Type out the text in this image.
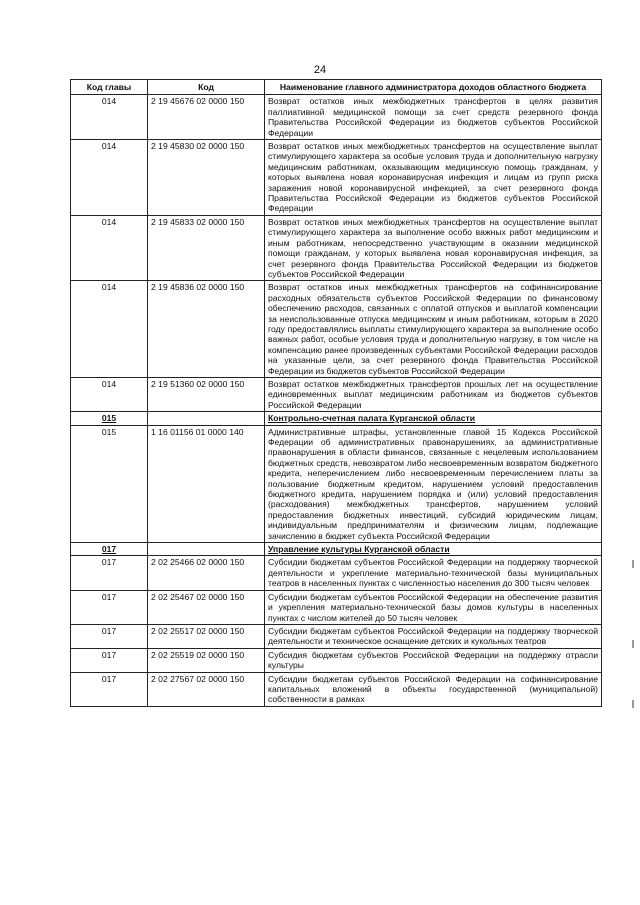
24
Код главы	Код	Наименование главного администратора доходов областного бюджета
014	2 19 45676 02 0000 150	Возврат остатков иных межбюджетных трансфертов в целях развития паллиативной медицинской помощи за счет средств резервного фонда Правительства Российской Федерации из бюджетов субъектов Российской Федерации
014	2 19 45830 02 0000 150	Возврат остатков иных межбюджетных трансфертов на осуществление выплат стимулирующего характера за особые условия труда и дополнительную нагрузку медицинским работникам, оказывающим медицинскую помощь гражданам, у которых выявлена новая коронавирусная инфекция и лицам из групп риска заражения новой коронавирусной инфекцией, за счет резервного фонда Правительства Российской Федерации из бюджетов субъектов Российской Федерации
014	2 19 45833 02 0000 150	Возврат остатков иных межбюджетных трансфертов на осуществление выплат стимулирующего характера за выполнение особо важных работ медицинским и иным работникам, непосредственно участвующим в оказании медицинской помощи гражданам, у которых выявлена новая коронавирусная инфекция, за счет резервного фонда Правительства Российской Федерации из бюджетов субъектов Российской Федерации
014	2 19 45836 02 0000 150	Возврат остатков иных межбюджетных трансфертов на софинансирование расходных обязательств субъектов Российской Федерации по финансовому обеспечению расходов, связанных с оплатой отпусков и выплатой компенсации за неиспользованные отпуска медицинским и иным работникам, которым в 2020 году предоставлялись выплаты стимулирующего характера за выполнение особо важных работ, особые условия труда и дополнительную нагрузку, в том числе на компенсацию ранее произведенных субъектами Российской Федерации расходов на указанные цели, за счет резервного фонда Правительства Российской Федерации из бюджетов субъектов Российской Федерации
014	2 19 51360 02 0000 150	Возврат остатков межбюджетных трансфертов прошлых лет на осуществление единовременных выплат медицинским работникам из бюджетов субъектов Российской Федерации
015		Контрольно-счетная палата Курганской области
015	1 16 01156 01 0000 140	Административные штрафы, установленные главой 15 Кодекса Российской Федерации об административных правонарушениях, за административные правонарушения в области финансов, связанные с нецелевым использованием бюджетных средств, невозвратом либо несвоевременным возвратом бюджетного кредита, неперечислением либо несвоевременным перечислением платы за пользование бюджетным кредитом, нарушением условий предоставления бюджетного кредита, нарушением порядка и (или) условий предоставления (расходования) межбюджетных трансфертов, нарушением условий предоставления бюджетных инвестиций, субсидий юридическим лицам, индивидуальным предпринимателям и физическим лицам, подлежащие зачислению в бюджет субъекта Российской Федерации
017		Управление культуры Курганской области
017	2 02 25466 02 0000 150	Субсидии бюджетам субъектов Российской Федерации на поддержку творческой деятельности и укрепление материально-технической базы муниципальных театров в населенных пунктах с численностью населения до 300 тысяч человек
017	2 02 25467 02 0000 150	Субсидии бюджетам субъектов Российской Федерации на обеспечение развития и укрепления материально-технической базы домов культуры в населенных пунктах с числом жителей до 50 тысяч человек
017	2 02 25517 02 0000 150	Субсидии бюджетам субъектов Российской Федерации на поддержку творческой деятельности и техническое оснащение детских и кукольных театров
017	2 02 25519 02 0000 150	Субсидия бюджетам субъектов Российской Федерации на поддержку отрасли культуры
017	2 02 27567 02 0000 150	Субсидии бюджетам субъектов Российской Федерации на софинансирование капитальных вложений в объекты государственной (муниципальной) собственности в рамках
